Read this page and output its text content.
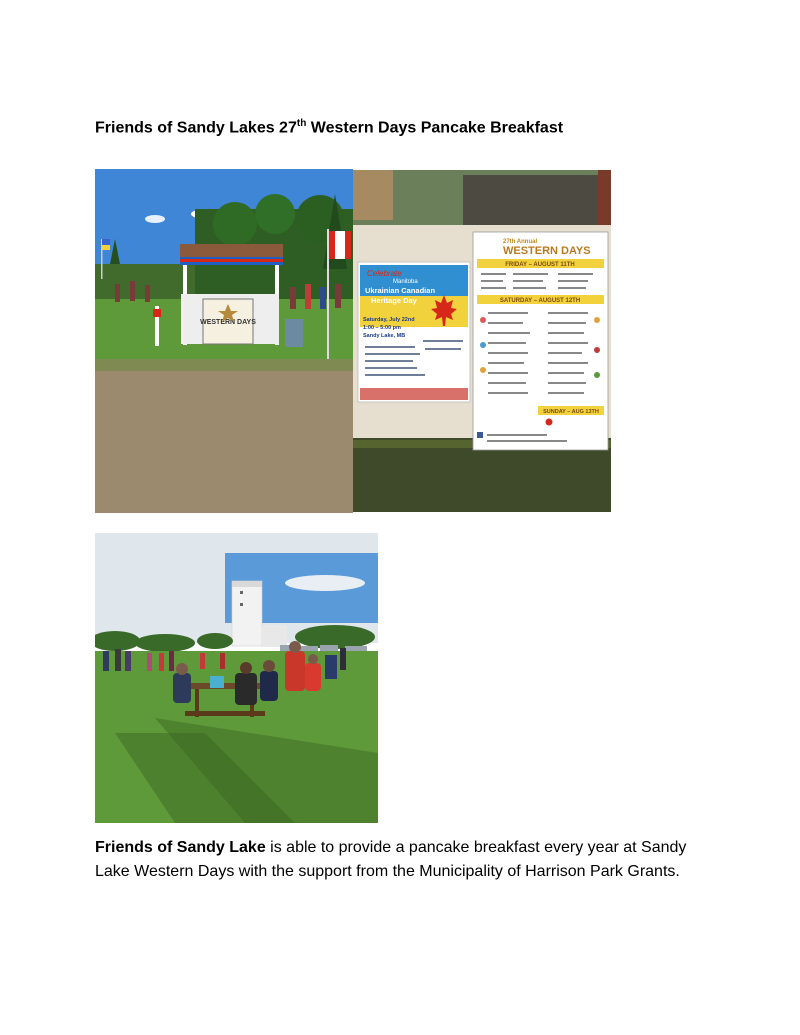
Friends of Sandy Lakes 27th Western Days Pancake Breakfast
WESTERN DAYS
Celebrate
Manitoba
Ukrainian Canadian
Heritage Day
Saturday, July 22nd
1:00 – 5:00 pm
Sandy Lake, MB
27th Annual
WESTERN DAYS
FRIDAY – AUGUST 11TH
SATURDAY – AUGUST 12TH
SUNDAY – AUG 13TH
Friends of Sandy Lake is able to provide a pancake breakfast every year at Sandy Lake Western Days with the support from the Municipality of Harrison Park Grants.
